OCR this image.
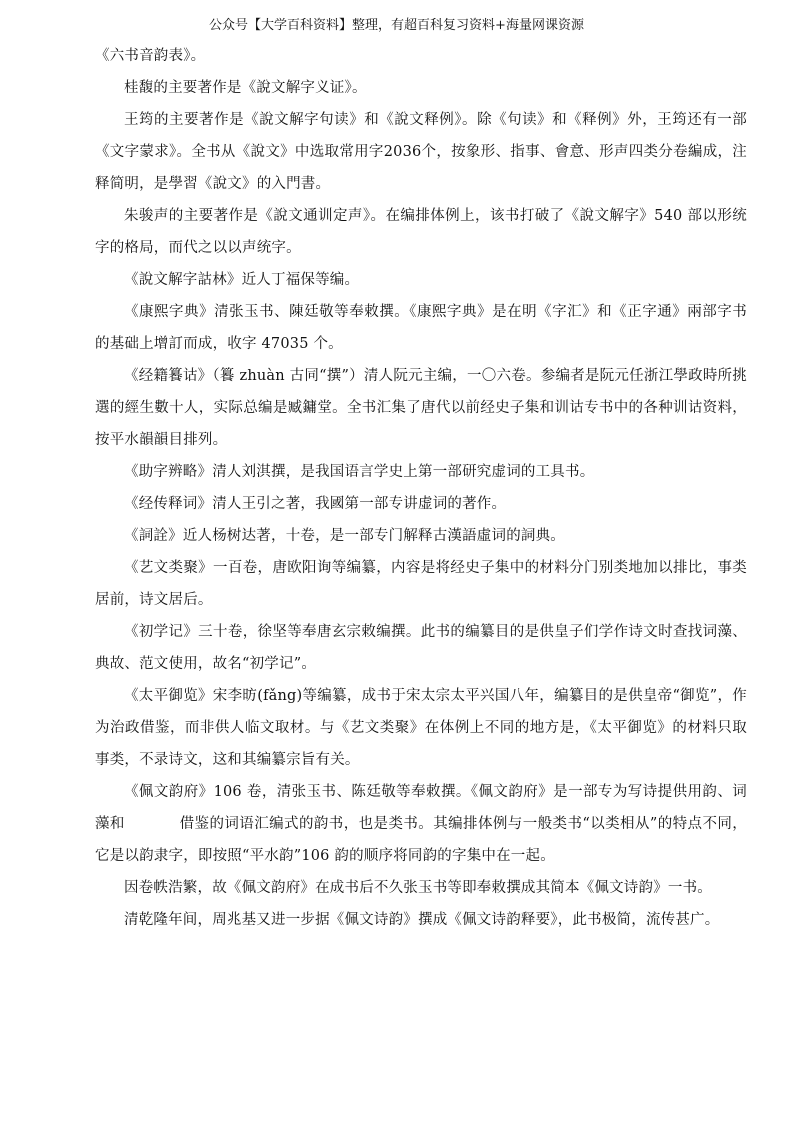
公众号【大学百科资料】整理，有超百科复习资料+海量网课资源

《六书音韵表》。

桂馥的主要著作是《說文解字义证》。

王筠的主要著作是《說文解字句读》和《說文释例》。除《句读》和《释例》外，王筠还有一部《文字蒙求》。全书从《說文》中选取常用字2036个，按象形、指事、會意、形声四类分卷編成，注释简明，是學習《說文》的入門書。

朱骏声的主要著作是《說文通训定声》。在编排体例上，该书打破了《說文解字》540 部以形统字的格局，而代之以以声统字。

《說文解字詁林》近人丁福保等编。

《康熙字典》清张玉书、陳廷敬等奉敕撰。《康熙字典》是在明《字汇》和《正字通》兩部字书的基础上增訂而成，收字 47035 个。

《经籍籑诂》（籑 zhuàn 古同“撰”）清人阮元主编，一〇六卷。参编者是阮元任浙江學政時所挑選的經生數十人，实际总编是臧鏞堂。全书汇集了唐代以前经史子集和训诂专书中的各种训诂资料，按平水韻韻目排列。

《助字辨略》清人刘淇撰，是我国语言学史上第一部研究虚词的工具书。

《经传释词》清人王引之著，我國第一部专讲虚词的著作。

《詞詮》近人杨树达著，十卷，是一部专门解释古漢語虛词的詞典。

《艺文类聚》一百卷，唐欧阳询等编纂，内容是将经史子集中的材料分门别类地加以排比，事类居前，诗文居后。

《初学记》三十卷，徐坚等奉唐玄宗敕编撰。此书的编纂目的是供皇子们学作诗文时查找词藻、典故、范文使用，故名“初学记”。

《太平御览》宋李昉(fǎng)等编纂，成书于宋太宗太平兴国八年，编纂目的是供皇帝“御览”，作为治政借鉴，而非供人临文取材。与《艺文类聚》在体例上不同的地方是，《太平御览》的材料只取事类，不录诗文，这和其编纂宗旨有关。

《佩文韵府》106 卷，清张玉书、陈廷敬等奉敕撰。《佩文韵府》是一部专为写诗提供用韵、词藻和 　　　 借鉴的词语汇编式的韵书，也是类书。其编排体例与一般类书“以类相从”的特点不同，它是以韵隶字，即按照“平水韵”106 韵的顺序将同韵的字集中在一起。

因卷帙浩繁，故《佩文韵府》在成书后不久张玉书等即奉敕撰成其简本《佩文诗韵》一书。

清乾隆年间，周兆基又进一步据《佩文诗韵》撰成《佩文诗韵释要》，此书极简，流传甚广。
